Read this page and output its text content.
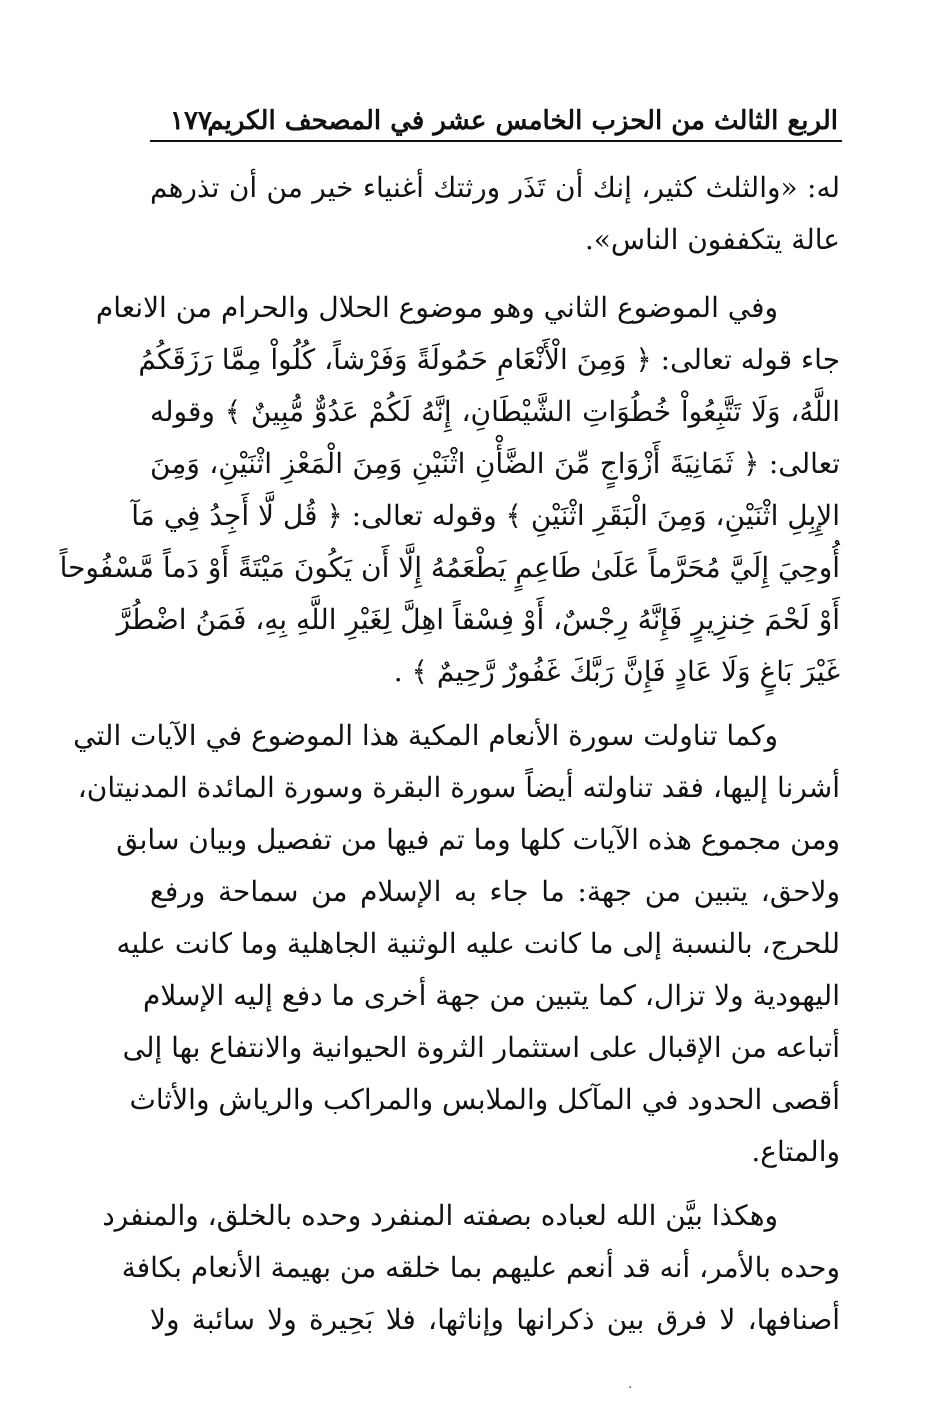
الربع الثالث من الحزب الخامس عشر في المصحف الكريم
١٧٧
له: «والثلث كثير، إنك أن تَذَر ورثتك أغنياء خير من أن تذرهم
عالة يتكففون الناس».
وفي الموضوع الثاني وهو موضوع الحلال والحرام من الانعام
جاء قوله تعالى: ﴿ وَمِنَ الْأَنْعَامِ حَمُولَةً وَفَرْشاً، كُلُواْ مِمَّا رَزَقَكُمُ
اللَّهُ، وَلَا تَتَّبِعُواْ خُطُوَاتِ الشَّيْطَانِ، إِنَّهُ لَكُمْ عَدُوٌّ مُّبِينٌ ﴾ وقوله
تعالى: ﴿ ثَمَانِيَةَ أَزْوَاجٍ مِّنَ الضَّأْنِ اثْنَيْنِ وَمِنَ الْمَعْزِ اثْنَيْنِ، وَمِنَ
الإِبِلِ اثْنَيْنِ، وَمِنَ الْبَقَرِ اثْنَيْنِ ﴾ وقوله تعالى: ﴿ قُل لَّا أَجِدُ فِي مَآ
أُوحِيَ إِلَيَّ مُحَرَّماً عَلَىٰ طَاعِمٍ يَطْعَمُهُ إِلَّا أَن يَكُونَ مَيْتَةً أَوْ دَماً مَّسْفُوحاً
أَوْ لَحْمَ خِنزِيرٍ فَإِنَّهُ رِجْسٌ، أَوْ فِسْقاً اهِلَّ لِغَيْرِ اللَّهِ بِهِ، فَمَنُ اضْطُرَّ
غَيْرَ بَاغٍ وَلَا عَادٍ فَإِنَّ رَبَّكَ غَفُورٌ رَّحِيمٌ ﴾ .
وكما تناولت سورة الأنعام المكية هذا الموضوع في الآيات التي
أشرنا إليها، فقد تناولته أيضاً سورة البقرة وسورة المائدة المدنيتان،
ومن مجموع هذه الآيات كلها وما تم فيها من تفصيل وبيان سابق
ولاحق، يتبين من جهة: ما جاء به الإسلام من سماحة ورفع
للحرج، بالنسبة إلى ما كانت عليه الوثنية الجاهلية وما كانت عليه
اليهودية ولا تزال، كما يتبين من جهة أخرى ما دفع إليه الإسلام
أتباعه من الإقبال على استثمار الثروة الحيوانية والانتفاع بها إلى
أقصى الحدود في المآكل والملابس والمراكب والرياش والأثاث
والمتاع.
وهكذا بيَّن الله لعباده بصفته المنفرد وحده بالخلق، والمنفرد
وحده بالأمر، أنه قد أنعم عليهم بما خلقه من بهيمة الأنعام بكافة
أصنافها، لا فرق بين ذكرانها وإناثها، فلا بَحِيرة ولا سائبة ولا
·
